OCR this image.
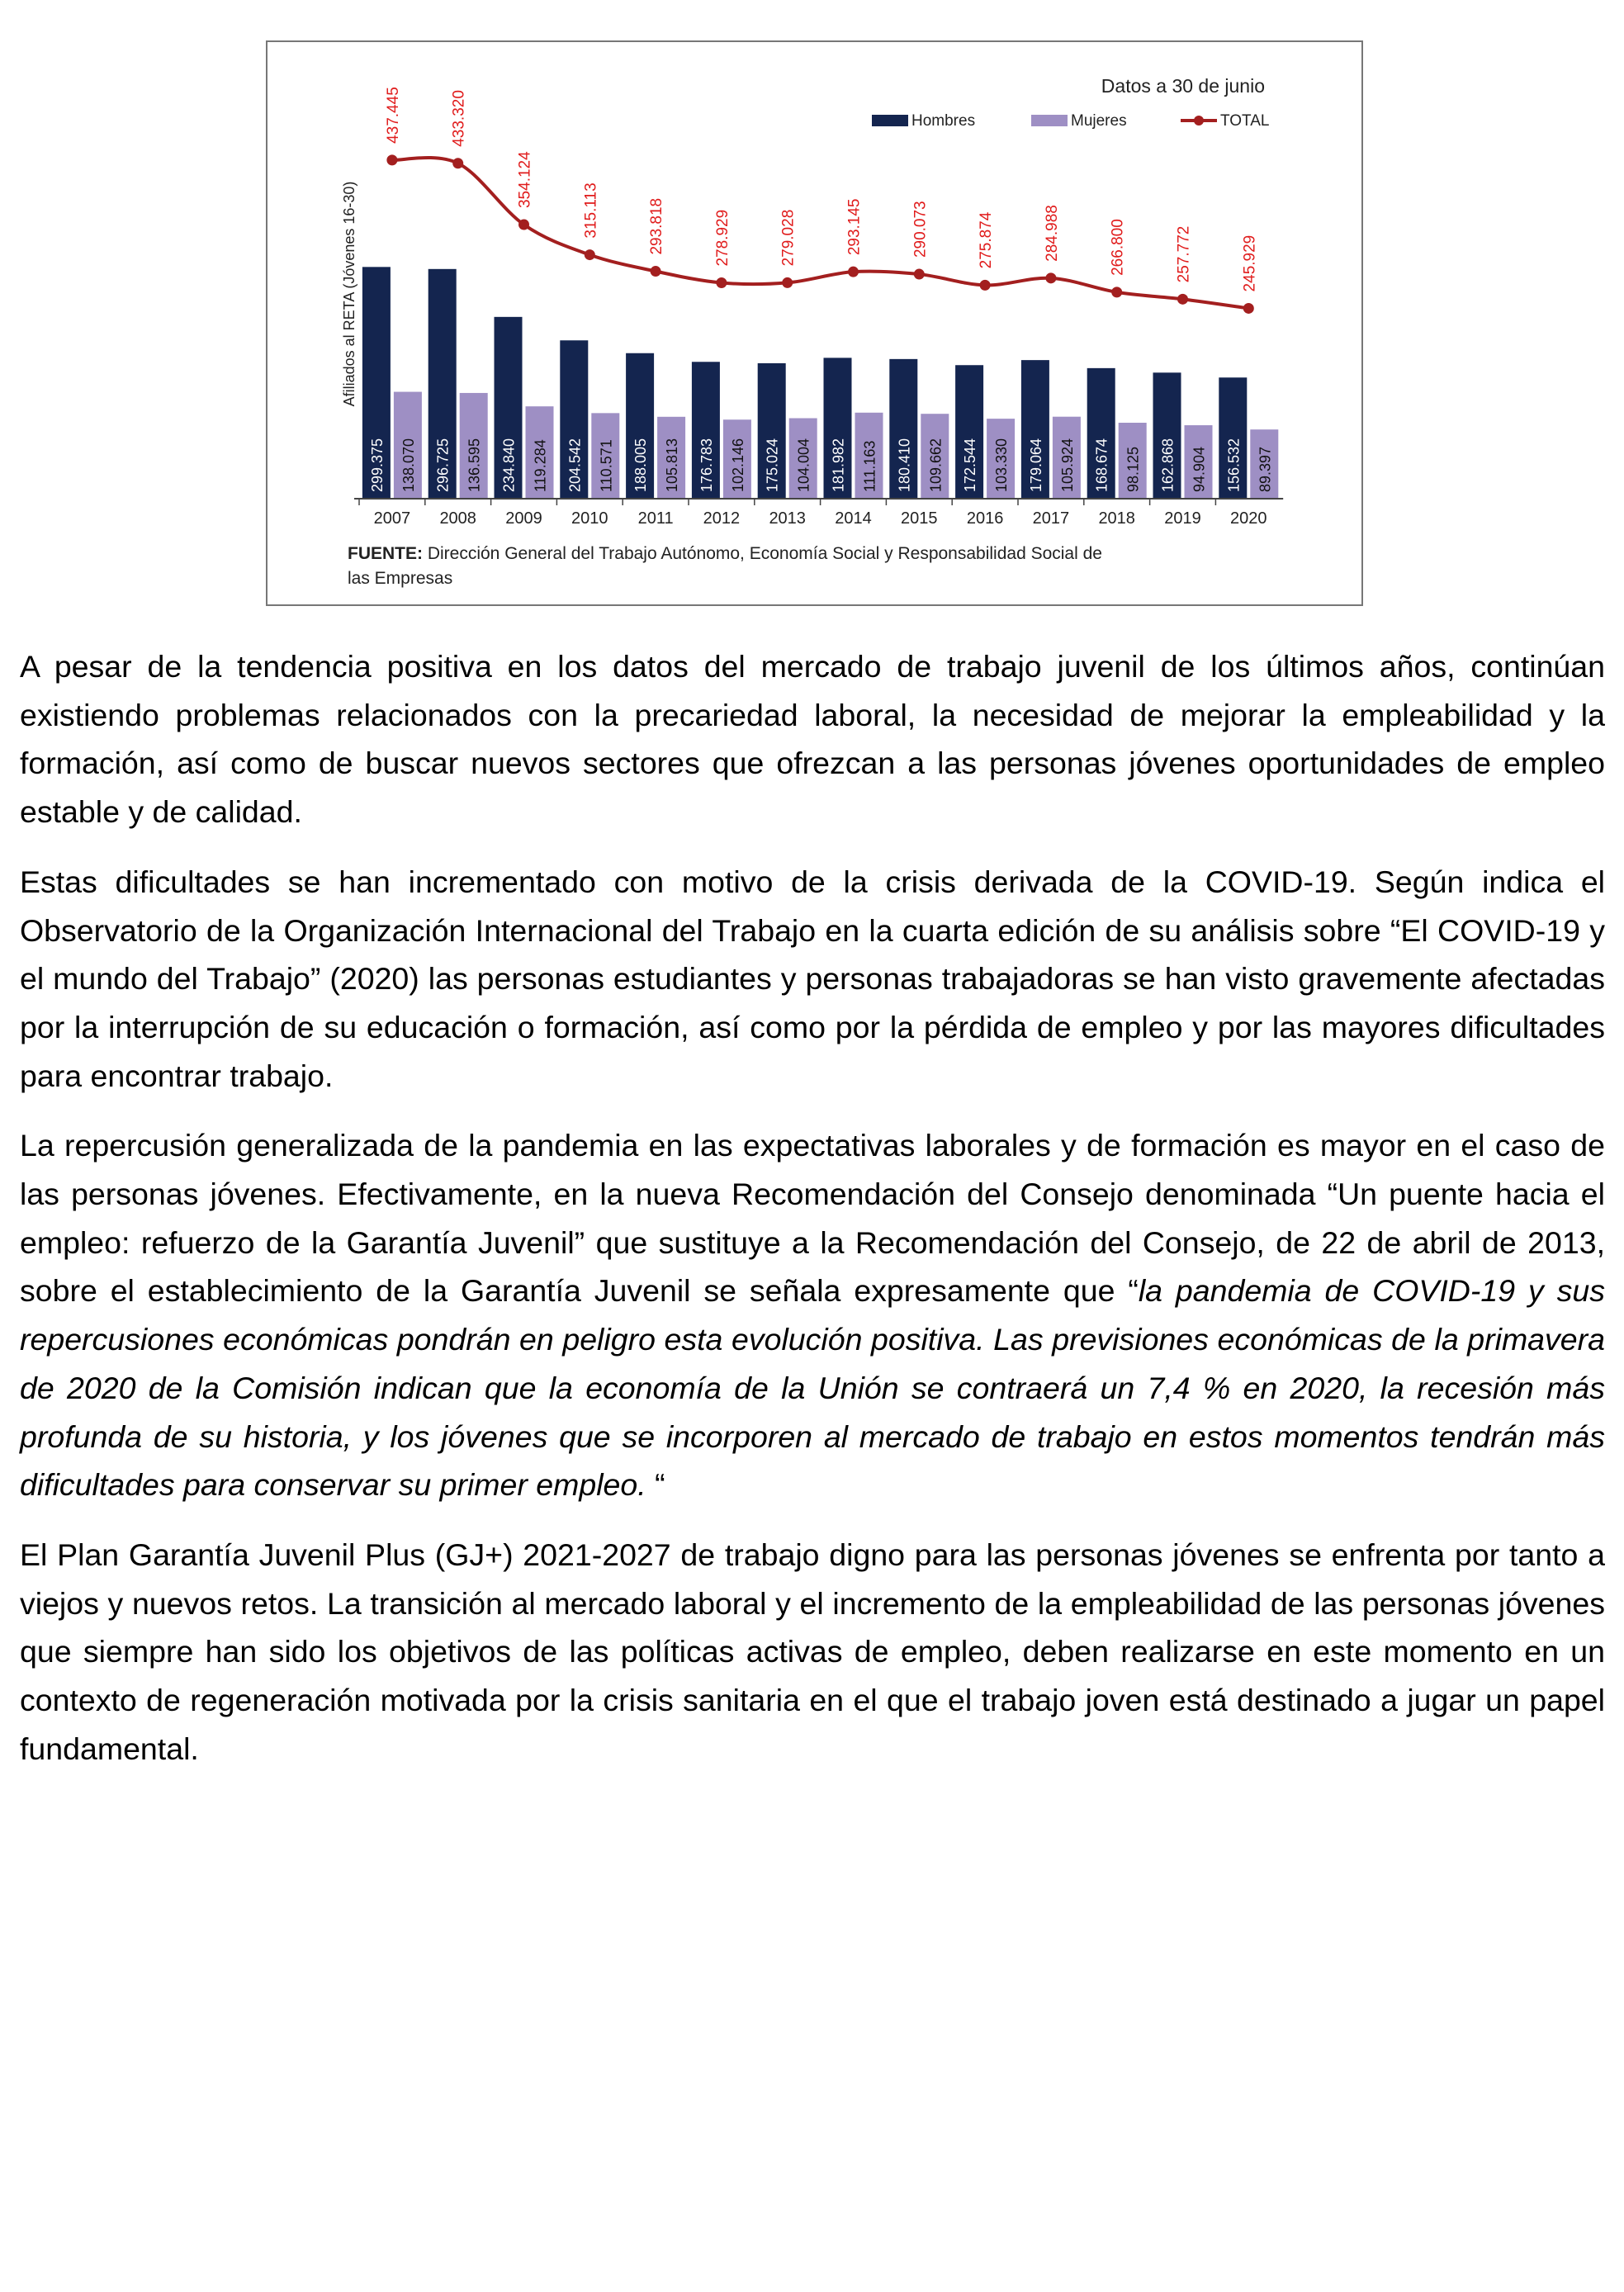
Datos a 30 de junio
Hombres	Mujeres	TOTAL
Afiliados al RETA (Jóvenes 16-30)
299.375 138.070 296.725 136.595 234.840 119.284 204.542 110.571 188.005 105.813 176.783 102.146 175.024 104.004 181.982 111.163 180.410 109.662 172.544 103.330 179.064 105.924 168.674 98.125 162.868 94.904 156.532 89.397
437.445	433.320
354.124
315.113	293.818	278.929	279.028	293.145	290.073	275.874	284.988	266.800	257.772	245.929
2007 2008 2009 2010 2011 2012 2013 2014 2015 2016 2017 2018 2019 2020
FUENTE: Dirección General del Trabajo Autónomo, Economía Social y Responsabilidad Social de
las Empresas

A pesar de la tendencia positiva en los datos del mercado de trabajo juvenil de los últimos años, continúan existiendo problemas relacionados con la precariedad laboral, la necesidad de mejorar la empleabilidad y la formación, así como de buscar nuevos sectores que ofrezcan a las personas jóvenes oportunidades de empleo estable y de calidad.

Estas dificultades se han incrementado con motivo de la crisis derivada de la COVID-19. Según indica el Observatorio de la Organización Internacional del Trabajo en la cuarta edición de su análisis sobre “El COVID-19 y el mundo del Trabajo” (2020) las personas estudiantes y personas trabajadoras se han visto gravemente afectadas por la interrupción de su educación o formación, así como por la pérdida de empleo y por las mayores dificultades para encontrar trabajo.

La repercusión generalizada de la pandemia en las expectativas laborales y de formación es mayor en el caso de las personas jóvenes. Efectivamente, en la nueva Recomendación del Consejo denominada “Un puente hacia el empleo: refuerzo de la Garantía Juvenil” que sustituye a la Recomendación del Consejo, de 22 de abril de 2013, sobre el establecimiento de la Garantía Juvenil se señala expresamente que “la pandemia de COVID-19 y sus repercusiones económicas pondrán en peligro esta evolución positiva. Las previsiones económicas de la primavera de 2020 de la Comisión indican que la economía de la Unión se contraerá un 7,4 % en 2020, la recesión más profunda de su historia, y los jóvenes que se incorporen al mercado de trabajo en estos momentos tendrán más dificultades para conservar su primer empleo. “

El Plan Garantía Juvenil Plus (GJ+) 2021-2027 de trabajo digno para las personas jóvenes se enfrenta por tanto a viejos y nuevos retos. La transición al mercado laboral y el incremento de la empleabilidad de las personas jóvenes que siempre han sido los objetivos de las políticas activas de empleo, deben realizarse en este momento en un contexto de regeneración motivada por la crisis sanitaria en el que el trabajo joven está destinado a jugar un papel fundamental.
